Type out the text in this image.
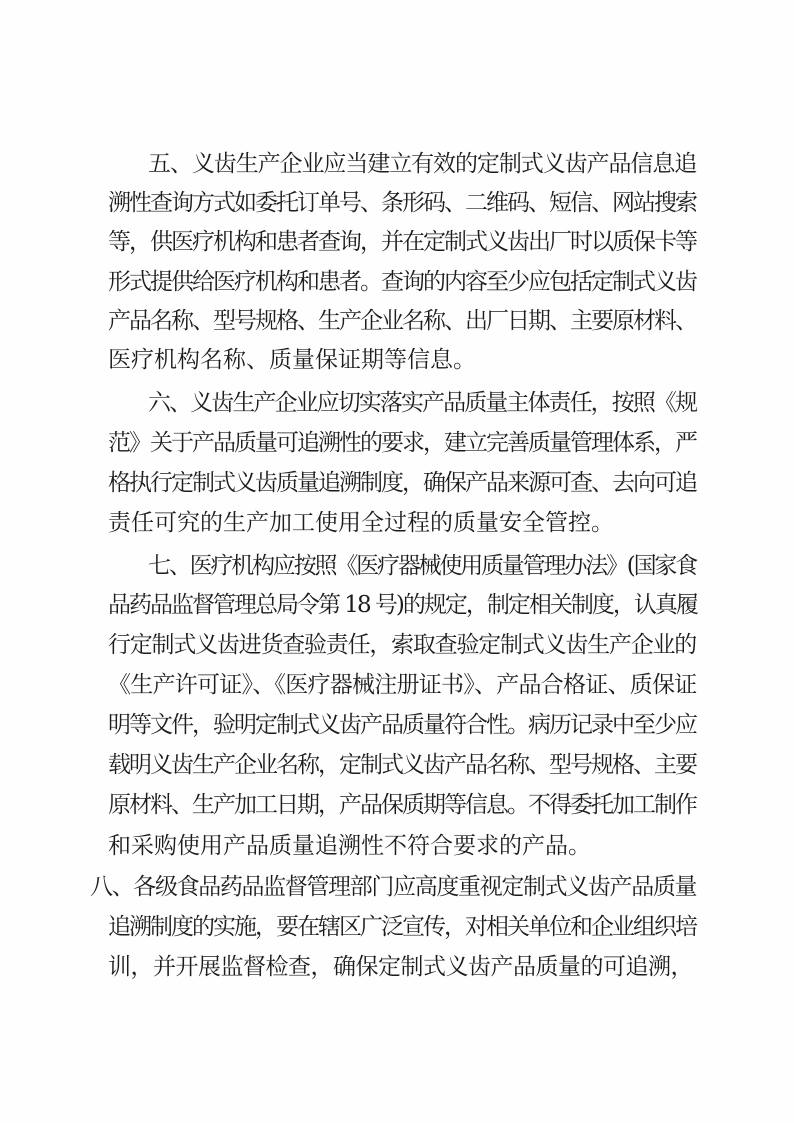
五、义齿生产企业应当建立有效的定制式义齿产品信息追
溯性查询方式如委托订单号、条形码、二维码、短信、网站搜索
等，供医疗机构和患者查询，并在定制式义齿出厂时以质保卡等
形式提供给医疗机构和患者。查询的内容至少应包括定制式义齿
产品名称、型号规格、生产企业名称、出厂日期、主要原材料、
医疗机构名称、质量保证期等信息。
六、义齿生产企业应切实落实产品质量主体责任，按照《规
范》关于产品质量可追溯性的要求，建立完善质量管理体系，严
格执行定制式义齿质量追溯制度，确保产品来源可查、去向可追
责任可究的生产加工使用全过程的质量安全管控。
七、医疗机构应按照《医疗器械使用质量管理办法》(国家食
品药品监督管理总局令第 18 号)的规定，制定相关制度，认真履
行定制式义齿进货查验责任，索取查验定制式义齿生产企业的
《生产许可证》、《医疗器械注册证书》、产品合格证、质保证
明等文件，验明定制式义齿产品质量符合性。病历记录中至少应
载明义齿生产企业名称，定制式义齿产品名称、型号规格、主要
原材料、生产加工日期，产品保质期等信息。不得委托加工制作
和采购使用产品质量追溯性不符合要求的产品。
八、各级食品药品监督管理部门应高度重视定制式义齿产品质量
追溯制度的实施，要在辖区广泛宣传，对相关单位和企业组织培
训，并开展监督检查，确保定制式义齿产品质量的可追溯，
